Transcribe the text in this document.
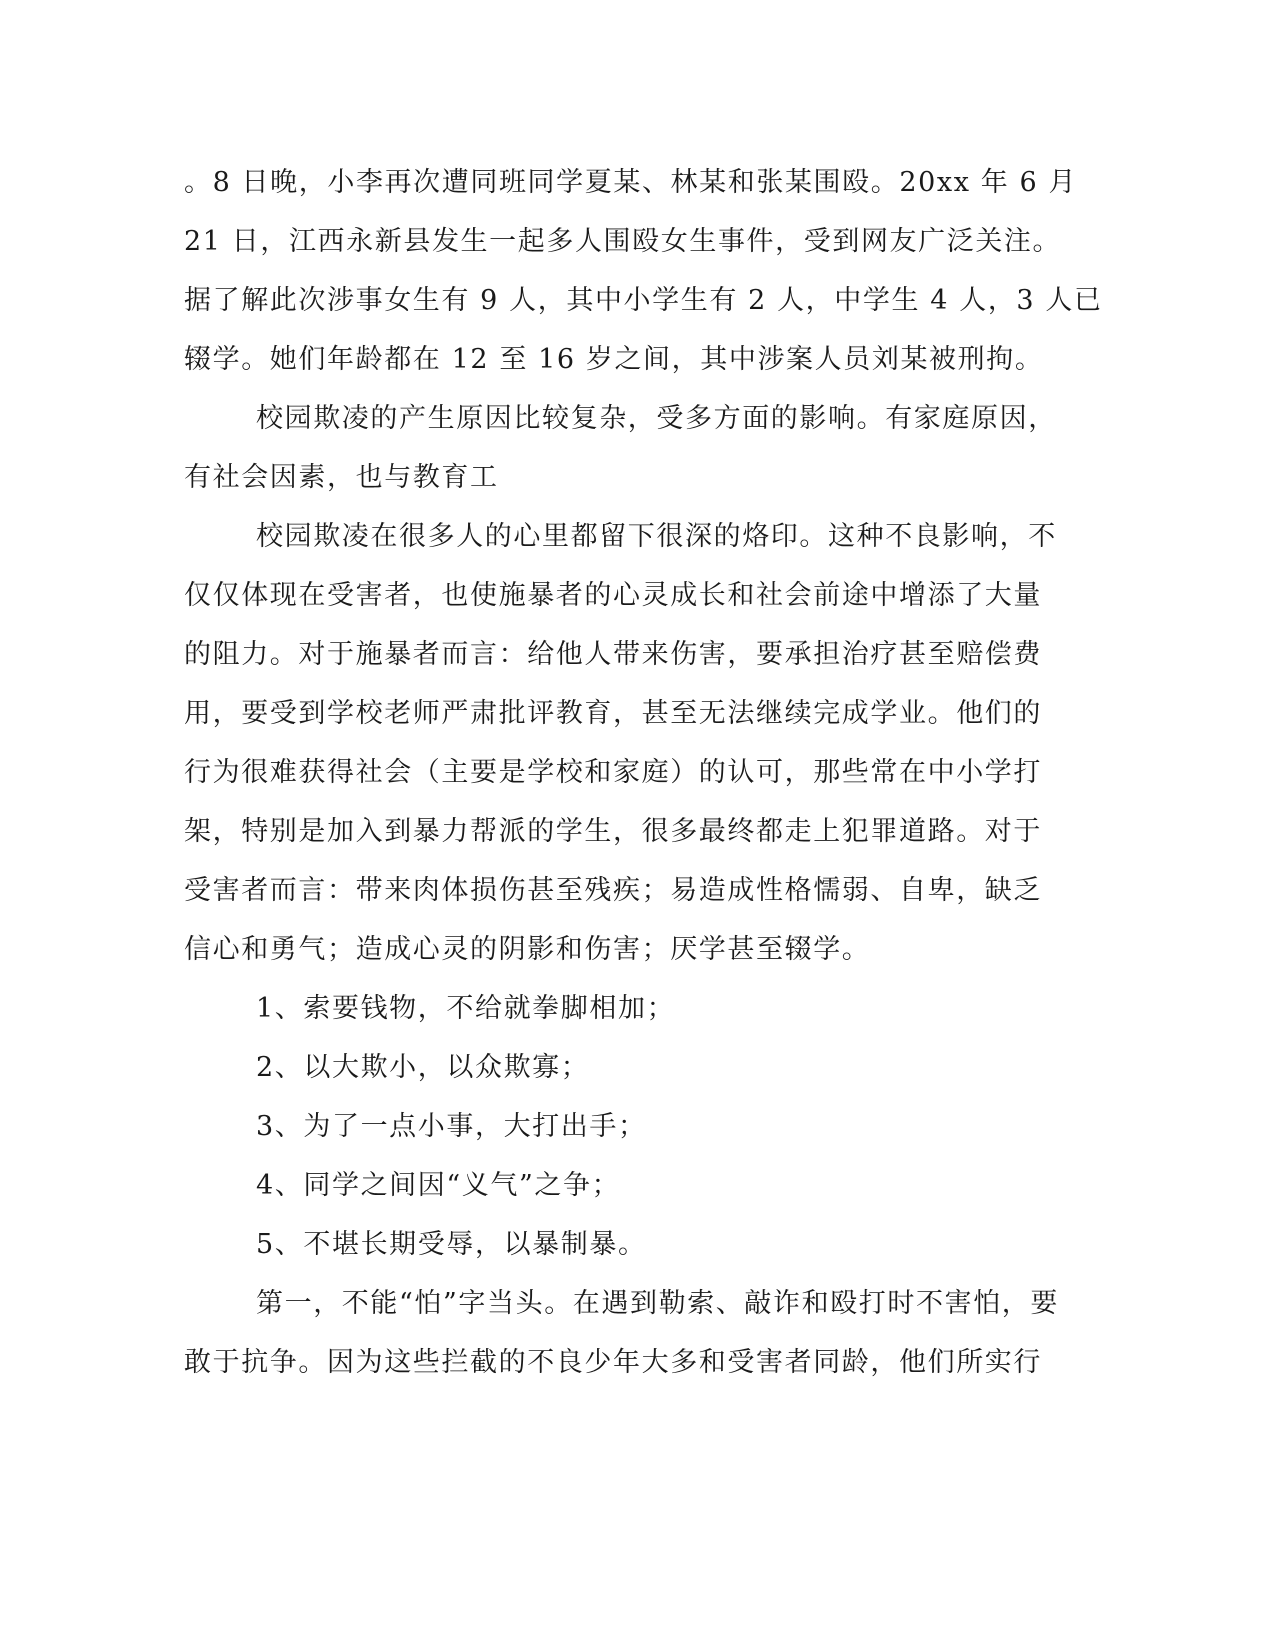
。8 日晚，小李再次遭同班同学夏某、林某和张某围殴。20xx 年 6 月
21 日，江西永新县发生一起多人围殴女生事件，受到网友广泛关注。
据了解此次涉事女生有 9 人，其中小学生有 2 人，中学生 4 人，3 人已
辍学。她们年龄都在 12 至 16 岁之间，其中涉案人员刘某被刑拘。
校园欺凌的产生原因比较复杂，受多方面的影响。有家庭原因，
有社会因素，也与教育工
校园欺凌在很多人的心里都留下很深的烙印。这种不良影响，不
仅仅体现在受害者，也使施暴者的心灵成长和社会前途中增添了大量
的阻力。对于施暴者而言：给他人带来伤害，要承担治疗甚至赔偿费
用，要受到学校老师严肃批评教育，甚至无法继续完成学业。他们的
行为很难获得社会（主要是学校和家庭）的认可，那些常在中小学打
架，特别是加入到暴力帮派的学生，很多最终都走上犯罪道路。对于
受害者而言：带来肉体损伤甚至残疾；易造成性格懦弱、自卑，缺乏
信心和勇气；造成心灵的阴影和伤害；厌学甚至辍学。
1、索要钱物，不给就拳脚相加；
2、以大欺小，以众欺寡；
3、为了一点小事，大打出手；
4、同学之间因“义气”之争；
5、不堪长期受辱，以暴制暴。
第一，不能“怕”字当头。在遇到勒索、敲诈和殴打时不害怕，要
敢于抗争。因为这些拦截的不良少年大多和受害者同龄，他们所实行
